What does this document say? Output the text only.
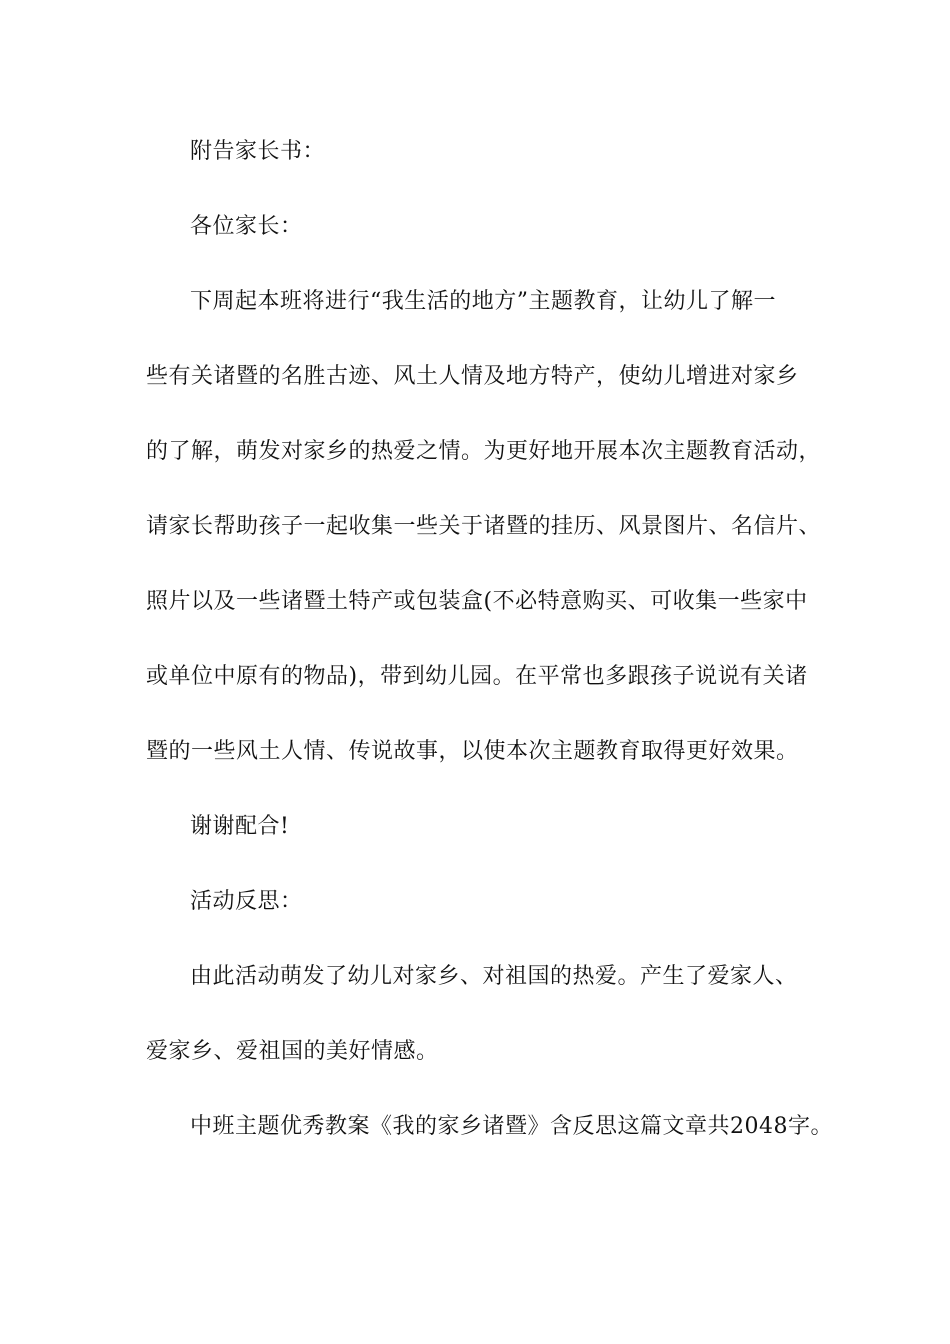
附告家长书：
各位家长：
下周起本班将进行“我生活的地方”主题教育，让幼儿了解一
些有关诸暨的名胜古迹、风土人情及地方特产，使幼儿增进对家乡
的了解，萌发对家乡的热爱之情。为更好地开展本次主题教育活动，
请家长帮助孩子一起收集一些关于诸暨的挂历、风景图片、名信片、
照片以及一些诸暨土特产或包装盒(不必特意购买、可收集一些家中
或单位中原有的物品)，带到幼儿园。在平常也多跟孩子说说有关诸
暨的一些风土人情、传说故事，以使本次主题教育取得更好效果。
谢谢配合!
活动反思：
由此活动萌发了幼儿对家乡、对祖国的热爱。产生了爱家人、
爱家乡、爱祖国的美好情感。
中班主题优秀教案《我的家乡诸暨》含反思这篇文章共2048字。
